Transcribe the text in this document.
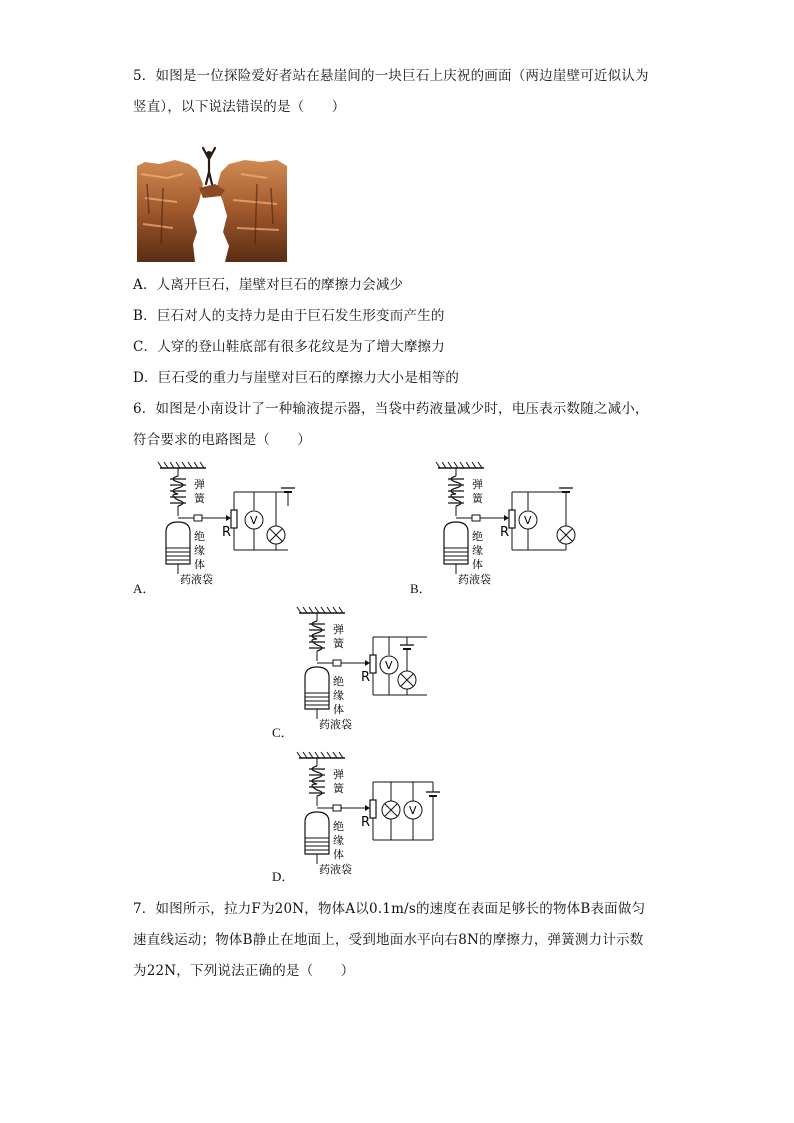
5．如图是一位探险爱好者站在悬崖间的一块巨石上庆祝的画面（两边崖壁可近似认为
竖直），以下说法错误的是（　　）
A．人离开巨石，崖壁对巨石的摩擦力会减少
B．巨石对人的支持力是由于巨石发生形变而产生的
C．人穿的登山鞋底部有很多花纹是为了增大摩擦力
D．巨石受的重力与崖壁对巨石的摩擦力大小是相等的
6．如图是小南设计了一种输液提示器，当袋中药液量减少时，电压表示数随之减小，
符合要求的电路图是（　　）
V
R
弹
簧
绝
缘
体
药液袋
A．
V
R
弹
簧
绝
缘
体
药液袋
B．
V
R
弹
簧
绝
缘
体
药液袋
C．
V
R
弹
簧
绝
缘
体
药液袋
D．
7．如图所示，拉力F为20N，物体A以0.1m/s的速度在表面足够长的物体B表面做匀
速直线运动；物体B静止在地面上，受到地面水平向右8N的摩擦力，弹簧测力计示数
为22N，下列说法正确的是（　　）
